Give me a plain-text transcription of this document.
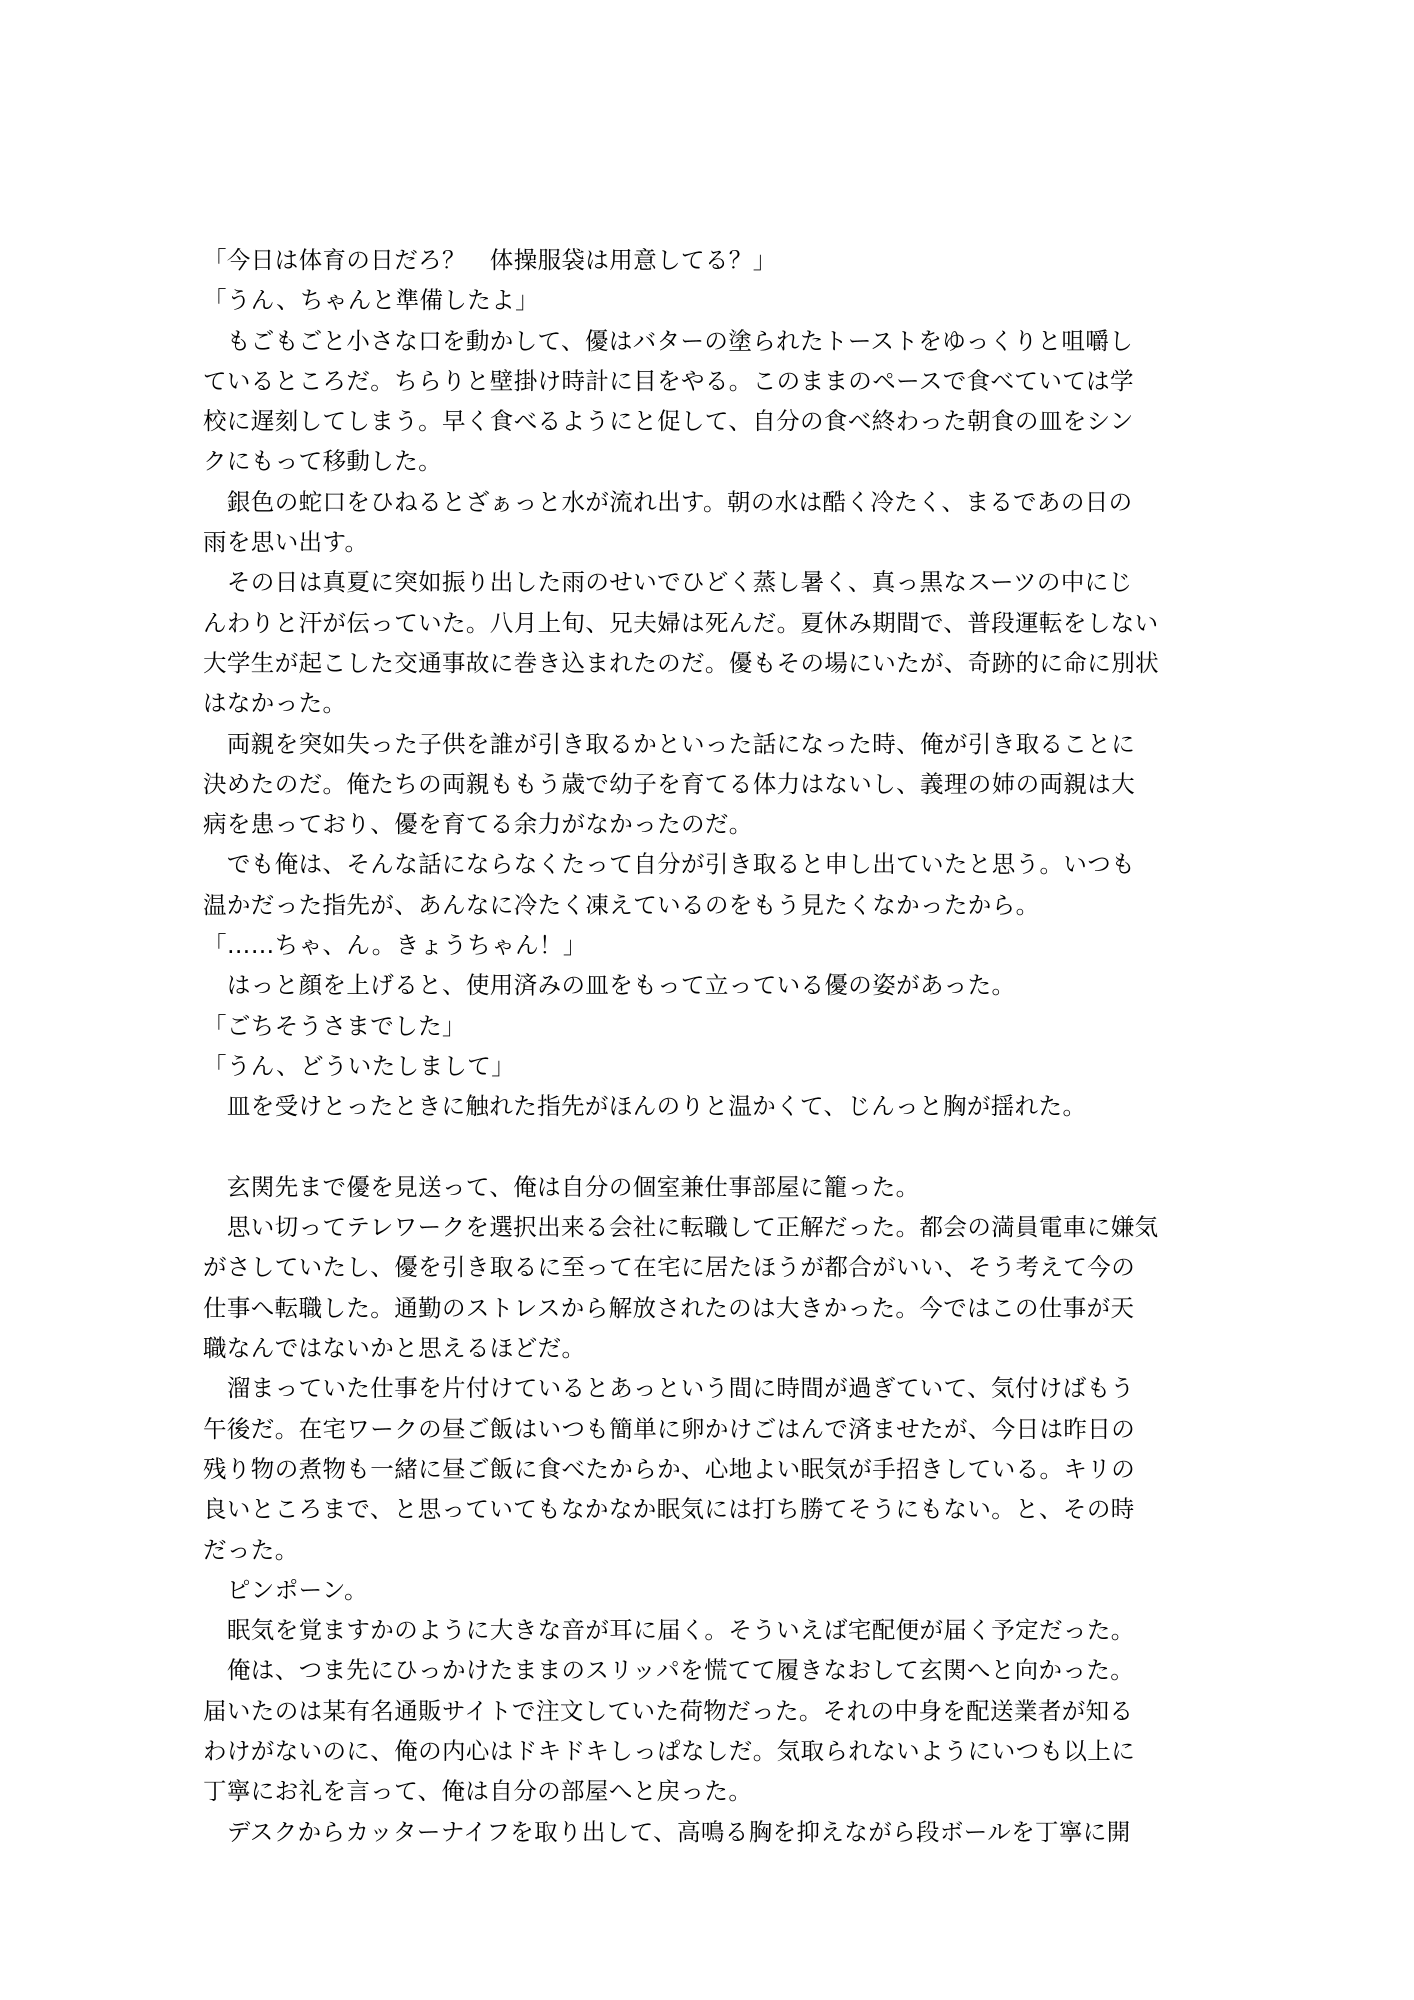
「今日は体育の日だろ？　体操服袋は用意してる？」
「うん、ちゃんと準備したよ」
　もごもごと小さな口を動かして、優はバターの塗られたトーストをゆっくりと咀嚼し
ているところだ。ちらりと壁掛け時計に目をやる。このままのペースで食べていては学
校に遅刻してしまう。早く食べるようにと促して、自分の食べ終わった朝食の皿をシン
クにもって移動した。
　銀色の蛇口をひねるとざぁっと水が流れ出す。朝の水は酷く冷たく、まるであの日の
雨を思い出す。
　その日は真夏に突如振り出した雨のせいでひどく蒸し暑く、真っ黒なスーツの中にじ
んわりと汗が伝っていた。八月上旬、兄夫婦は死んだ。夏休み期間で、普段運転をしない
大学生が起こした交通事故に巻き込まれたのだ。優もその場にいたが、奇跡的に命に別状
はなかった。
　両親を突如失った子供を誰が引き取るかといった話になった時、俺が引き取ることに
決めたのだ。俺たちの両親ももう歳で幼子を育てる体力はないし、義理の姉の両親は大
病を患っており、優を育てる余力がなかったのだ。
　でも俺は、そんな話にならなくたって自分が引き取ると申し出ていたと思う。いつも
温かだった指先が、あんなに冷たく凍えているのをもう見たくなかったから。
「……ちゃ、ん。きょうちゃん！」
　はっと顔を上げると、使用済みの皿をもって立っている優の姿があった。
「ごちそうさまでした」
「うん、どういたしまして」
　皿を受けとったときに触れた指先がほんのりと温かくて、じんっと胸が揺れた。
　玄関先まで優を見送って、俺は自分の個室兼仕事部屋に籠った。
　思い切ってテレワークを選択出来る会社に転職して正解だった。都会の満員電車に嫌気
がさしていたし、優を引き取るに至って在宅に居たほうが都合がいい、そう考えて今の
仕事へ転職した。通勤のストレスから解放されたのは大きかった。今ではこの仕事が天
職なんではないかと思えるほどだ。
　溜まっていた仕事を片付けているとあっという間に時間が過ぎていて、気付けばもう
午後だ。在宅ワークの昼ご飯はいつも簡単に卵かけごはんで済ませたが、今日は昨日の
残り物の煮物も一緒に昼ご飯に食べたからか、心地よい眠気が手招きしている。キリの
良いところまで、と思っていてもなかなか眠気には打ち勝てそうにもない。と、その時
だった。
　ピンポーン。
　眠気を覚ますかのように大きな音が耳に届く。そういえば宅配便が届く予定だった。
　俺は、つま先にひっかけたままのスリッパを慌てて履きなおして玄関へと向かった。
届いたのは某有名通販サイトで注文していた荷物だった。それの中身を配送業者が知る
わけがないのに、俺の内心はドキドキしっぱなしだ。気取られないようにいつも以上に
丁寧にお礼を言って、俺は自分の部屋へと戻った。
　デスクからカッターナイフを取り出して、高鳴る胸を抑えながら段ボールを丁寧に開
